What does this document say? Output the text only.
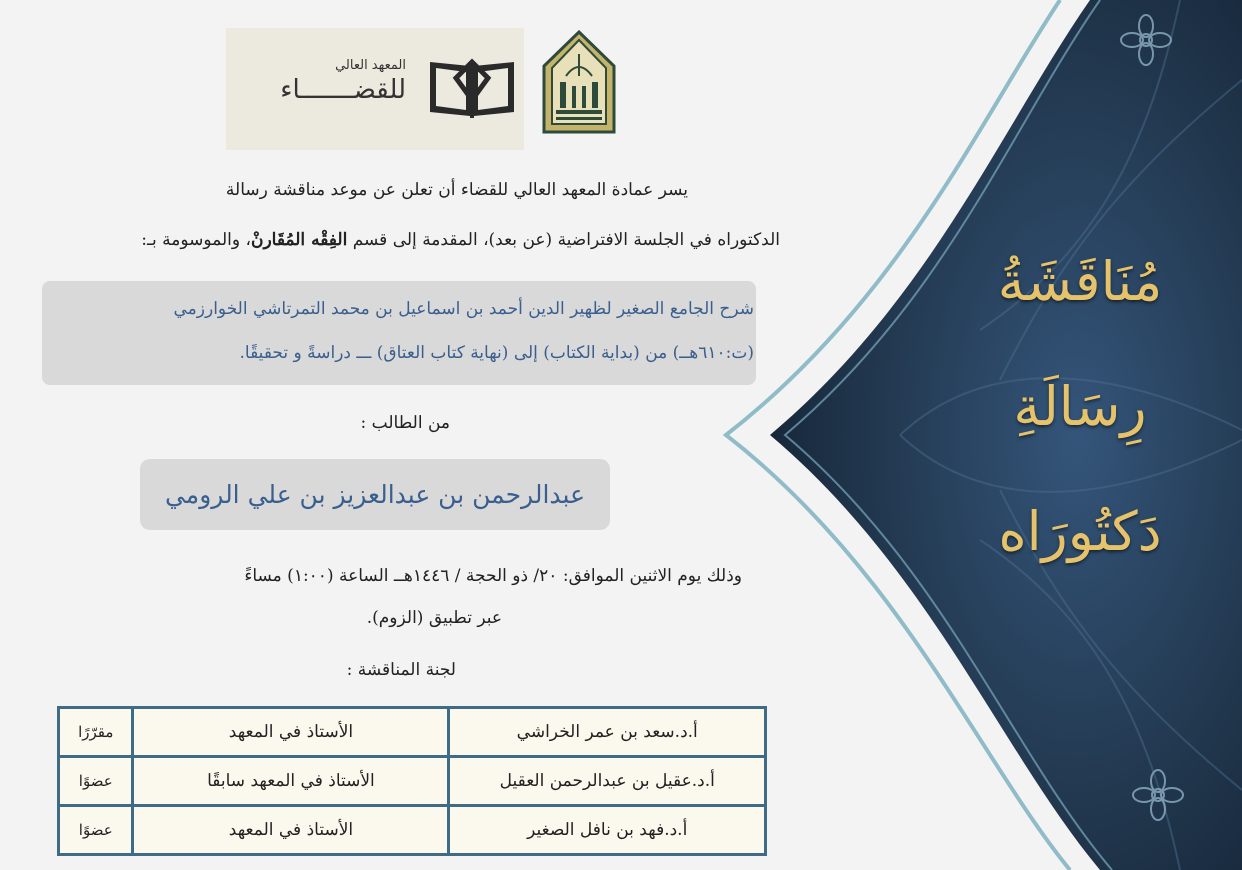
مُنَاقَشَةُ
رِسَالَةِ
دَكتُورَاه
المعهد العالي
للقضـــــــاء
يسر عمادة المعهد العالي للقضاء أن تعلن عن موعد مناقشة رسالة
الدكتوراه في الجلسة الافتراضية (عن بعد)، المقدمة إلى قسم الفِقْه المُقَارنْ، والموسومة بـ:
شرح الجامع الصغير لظهير الدين أحمد بن اسماعيل بن محمد التمرتاشي الخوارزمي
(ت:٦١٠هــ) من (بداية الكتاب) إلى (نهاية كتاب العتاق) ـــ دراسةً و تحقيقًا.
من الطالب :
عبدالرحمن بن عبدالعزيز بن علي الرومي
وذلك يوم الاثنين الموافق: ٢٠/ ذو الحجة / ١٤٤٦هــ الساعة (١:٠٠) مساءً
عبر تطبيق (الزوم).
لجنة المناقشة :
أ.د.سعد بن عمر الخراشي	الأستاذ في المعهد	مقرّرًا
أ.د.عقيل بن عبدالرحمن العقيل	الأستاذ في المعهد سابقًا	عضوًا
أ.د.فهد بن نافل الصغير	الأستاذ في المعهد	عضوًا
